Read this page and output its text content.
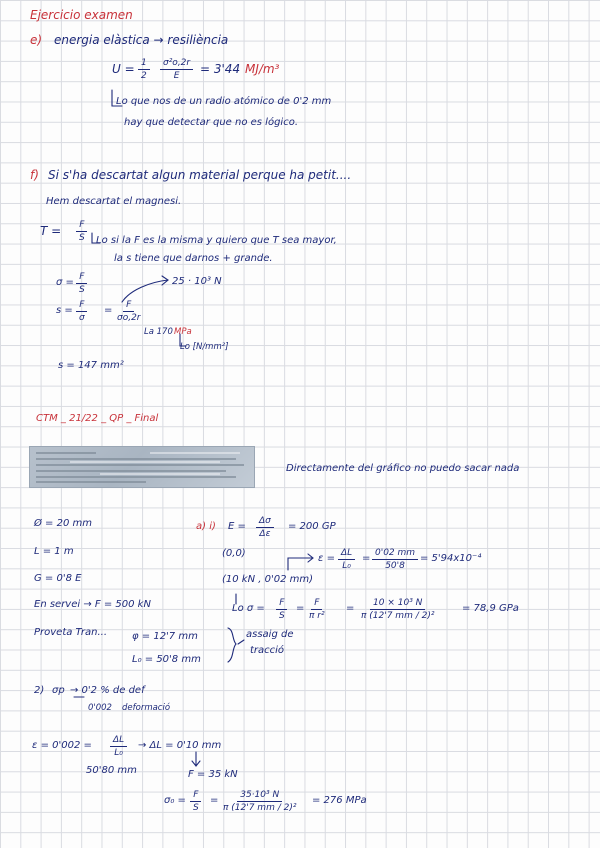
Ejercicio examen
e) energia elàstica → resiliència
$U = \frac{1}{2} \frac{\text{σ²o,2r}}{E} = 3'44$ MJ/m³
Lo que nos de un radio atómico de 0'2 mm
hay que detectar que no es lógico.
f) Si s'ha descartat algun material perque ha petit....
Hem descartat el magnesi.
$T = \frac{F}{S}$ Lo si la F es la misma y quiero que T sea mayor,
la s tiene que darnos + grande.
$\sigma = \frac{F}{S}$	25 · 10³ N
$s = \frac{F}{\sigma} = \frac{F}{\sigma o,2r}$
La 170 MPa
Lo [N/mm²]
s = 147 mm²
CTM _ 21/22 _ QP _ Final
Directamente del gráfico no puedo sacar nada
Ø = 20 mm
L = 1 m
G = 0'8 E
En servei → F = 500 kN
Proveta Tran... φ = 12'7 mm
L₀ = 50'8 mm
assaig de
tracció
a) i) $E = \frac{\Delta\sigma}{\Delta\varepsilon} = 200$ GP
(0,0)	$\varepsilon = \frac{\Delta L}{\text{L₀}} = \frac{0'02 mm}{50'8} = 5'94x10^{-4}$
(10 kN , 0'02 mm)
Lo $\sigma = \frac{F}{S} = \frac{F}{\text{π r²}} = \frac{\text{10 × 10³ N}}{\text{π (12'7 mm / 2)²}} = 78,9$ GPa
2) σp → 0'2 % de def
0'002 deformació
$\varepsilon = 0'002 = \frac{\Delta L}{\text{L₀}} \to \Delta L = 0'10$ mm
50'80 mm	F = 35 kN
$\sigma_0 = \frac{F}{S} = \frac{\text{35·10³ N}}{\text{π (12'7 mm / 2)²}} = 276$ MPa
